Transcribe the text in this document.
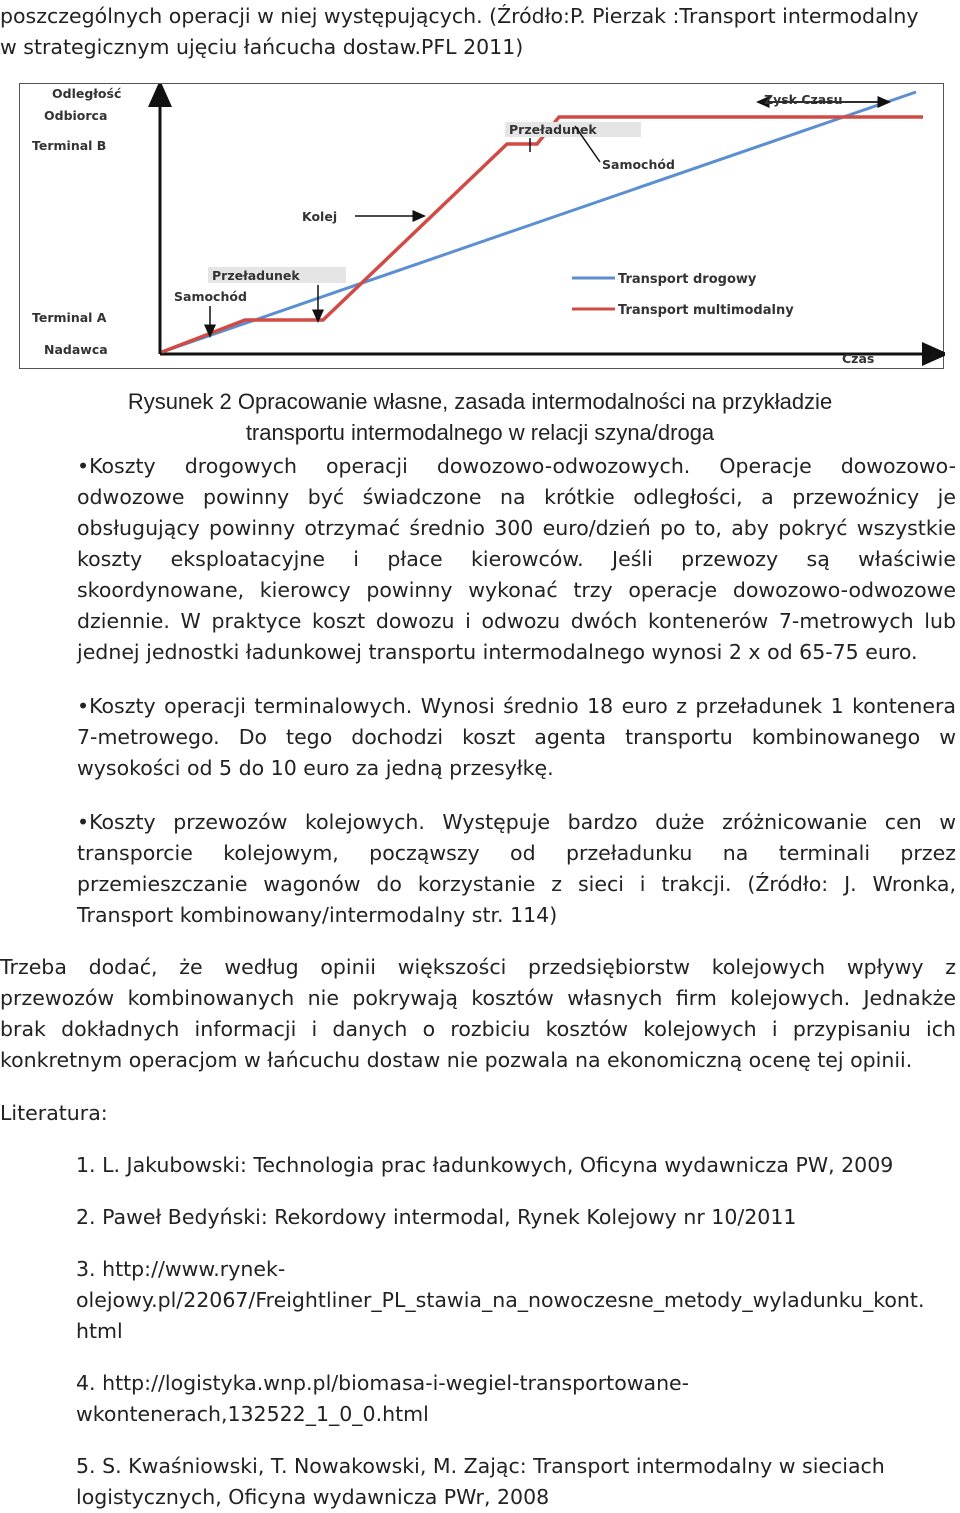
poszczególnych operacji w niej występujących. (Źródło:P. Pierzak :Transport intermodalny
w strategicznym ujęciu łańcucha dostaw.PFL 2011)
Odległość
Odbiorca
Terminal B
Terminal A
Nadawca
Czas
Zysk Czasu
Przeładunek
Samochód
Kolej
Przeładunek
Samochód
Transport drogowy
Transport multimodalny
Rysunek 2 Opracowanie własne, zasada intermodalności na przykładzie
transportu intermodalnego w relacji szyna/droga
•Koszty drogowych operacji dowozowo-odwozowych. Operacje dowozowo-
odwozowe powinny być świadczone na krótkie odległości, a przewoźnicy je
obsługujący powinny otrzymać średnio 300 euro/dzień po to, aby pokryć wszystkie
koszty eksploatacyjne i płace kierowców. Jeśli przewozy są właściwie
skoordynowane, kierowcy powinny wykonać trzy operacje dowozowo-odwozowe
dziennie. W praktyce koszt dowozu i odwozu dwóch kontenerów 7-metrowych lub
jednej jednostki ładunkowej transportu intermodalnego wynosi 2 x od 65-75 euro.
•Koszty operacji terminalowych. Wynosi średnio 18 euro z przeładunek 1 kontenera
7-metrowego. Do tego dochodzi koszt agenta transportu kombinowanego w
wysokości od 5 do 10 euro za jedną przesyłkę.
•Koszty przewozów kolejowych. Występuje bardzo duże zróżnicowanie cen w
transporcie kolejowym, począwszy od przeładunku na terminali przez
przemieszczanie wagonów do korzystanie z sieci i trakcji. (Źródło: J. Wronka,
Transport kombinowany/intermodalny str. 114)
Trzeba dodać, że według opinii większości przedsiębiorstw kolejowych wpływy z
przewozów kombinowanych nie pokrywają kosztów własnych firm kolejowych. Jednakże
brak dokładnych informacji i danych o rozbiciu kosztów kolejowych i przypisaniu ich
konkretnym operacjom w łańcuchu dostaw nie pozwala na ekonomiczną ocenę tej opinii.
Literatura:
1. L. Jakubowski: Technologia prac ładunkowych, Oficyna wydawnicza PW, 2009
2. Paweł Bedyński: Rekordowy intermodal, Rynek Kolejowy nr 10/2011
3. http://www.rynek-
olejowy.pl/22067/Freightliner_PL_stawia_na_nowoczesne_metody_wyladunku_kont.
html
4. http://logistyka.wnp.pl/biomasa-i-wegiel-transportowane-
wkontenerach,132522_1_0_0.html
5. S. Kwaśniowski, T. Nowakowski, M. Zając: Transport intermodalny w sieciach
logistycznych, Oficyna wydawnicza PWr, 2008
